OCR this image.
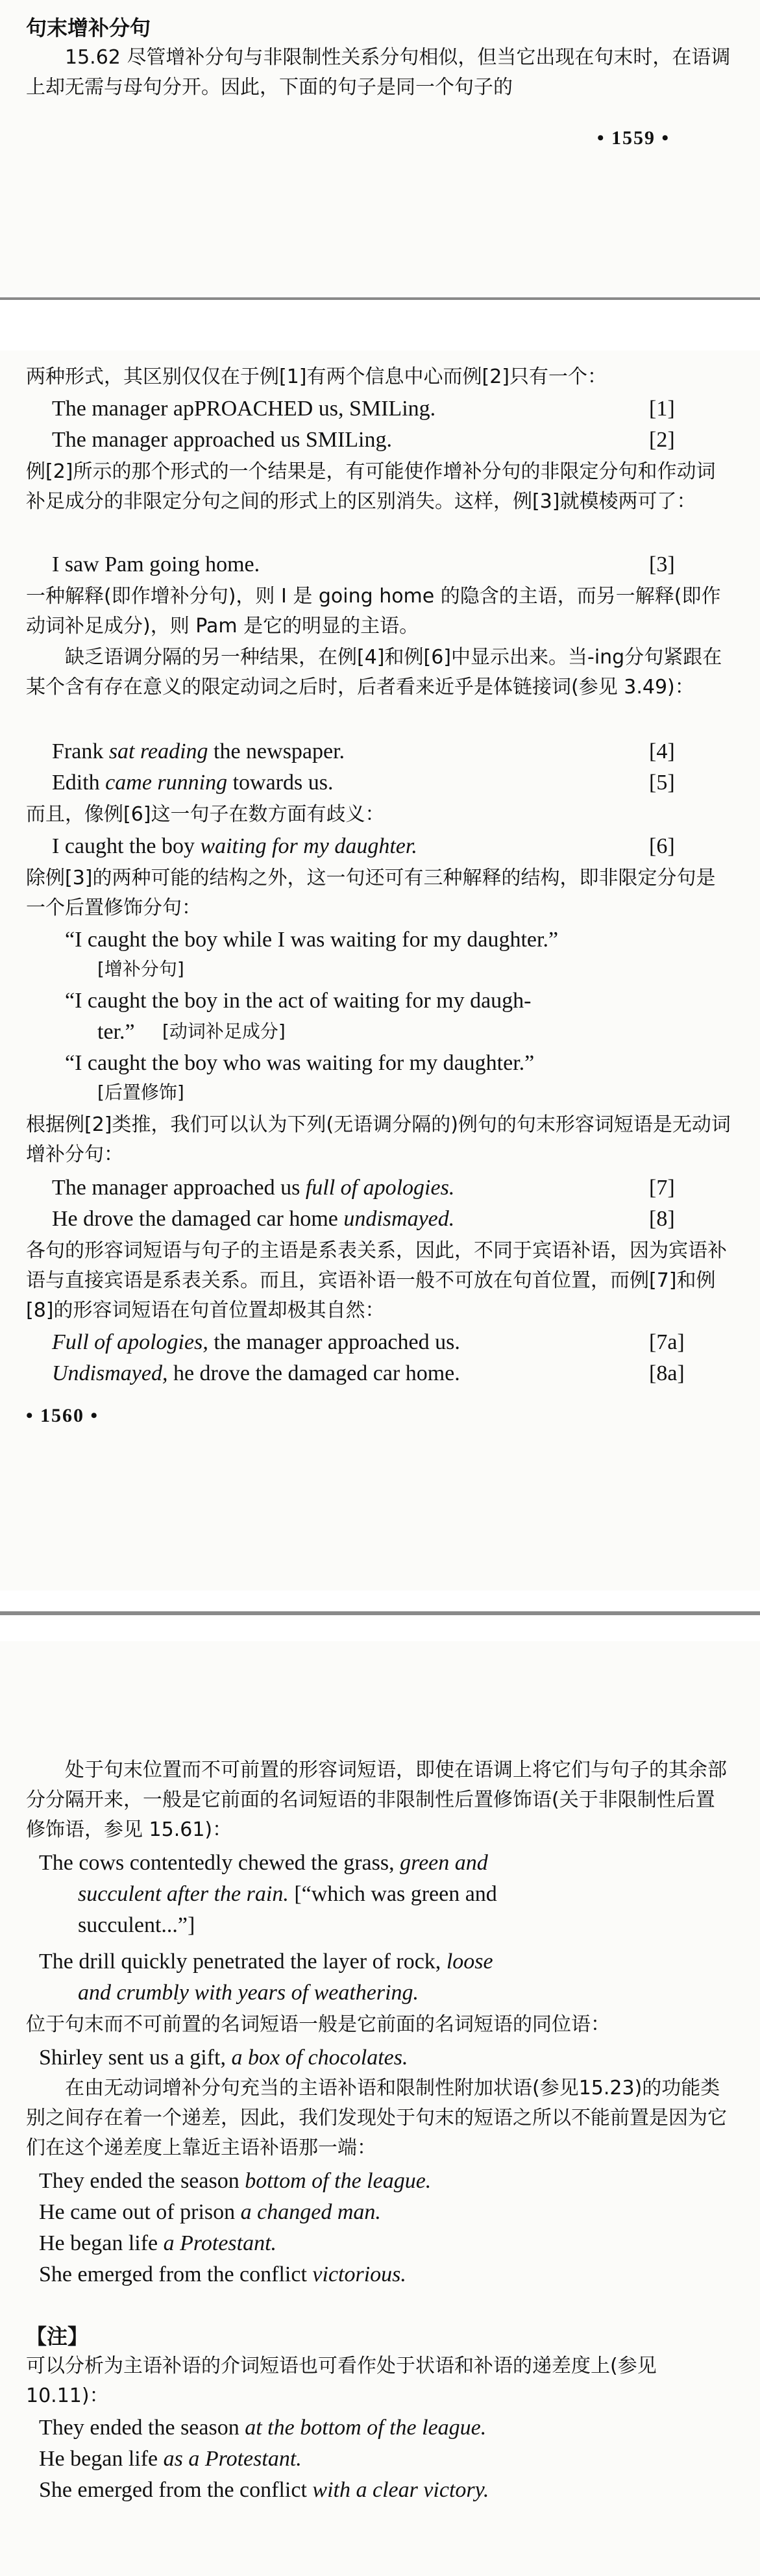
句末增补分句
15.62 尽管增补分句与非限制性关系分句相似，但当它出现在句末时，在语调上却无需与母句分开。因此，下面的句子是同一个句子的
• 1559 •
两种形式，其区别仅仅在于例[1]有两个信息中心而例[2]只有一个：
The manager apPROACHED us, SMILing.	[1]
The manager approached us SMILing.	[2]
例[2]所示的那个形式的一个结果是，有可能使作增补分句的非限定分句和作动词补足成分的非限定分句之间的形式上的区别消失。这样，例[3]就模棱两可了：
I saw Pam going home.	[3]
一种解释(即作增补分句)，则 I 是 going home 的隐含的主语，而另一解释(即作动词补足成分)，则 Pam 是它的明显的主语。
缺乏语调分隔的另一种结果，在例[4]和例[6]中显示出来。当-ing分句紧跟在某个含有存在意义的限定动词之后时，后者看来近乎是体链接词(参见 3.49)：
Frank sat reading the newspaper.	[4]
Edith came running towards us.	[5]
而且，像例[6]这一句子在数方面有歧义：
I caught the boy waiting for my daughter.	[6]
除例[3]的两种可能的结构之外，这一句还可有三种解释的结构，即非限定分句是一个后置修饰分句：
“I caught the boy while I was waiting for my daughter.”
[增补分句]
“I caught the boy in the act of waiting for my daugh-
ter.” [动词补足成分]
“I caught the boy who was waiting for my daughter.”
[后置修饰]
根据例[2]类推，我们可以认为下列(无语调分隔的)例句的句末形容词短语是无动词增补分句：
The manager approached us full of apologies.	[7]
He drove the damaged car home undismayed.	[8]
各句的形容词短语与句子的主语是系表关系，因此，不同于宾语补语，因为宾语补语与直接宾语是系表关系。而且，宾语补语一般不可放在句首位置，而例[7]和例[8]的形容词短语在句首位置却极其自然：
Full of apologies, the manager approached us.	[7a]
Undismayed, he drove the damaged car home.	[8a]
• 1560 •
处于句末位置而不可前置的形容词短语，即使在语调上将它们与句子的其余部分分隔开来，一般是它前面的名词短语的非限制性后置修饰语(关于非限制性后置修饰语，参见 15.61)：
The cows contentedly chewed the grass, green and
succulent after the rain. [“which was green and
succulent...”]
The drill quickly penetrated the layer of rock, loose
and crumbly with years of weathering.
位于句末而不可前置的名词短语一般是它前面的名词短语的同位语：
Shirley sent us a gift, a box of chocolates.
在由无动词增补分句充当的主语补语和限制性附加状语(参见15.23)的功能类别之间存在着一个递差，因此，我们发现处于句末的短语之所以不能前置是因为它们在这个递差度上靠近主语补语那一端：
They ended the season bottom of the league.
He came out of prison a changed man.
He began life a Protestant.
She emerged from the conflict victorious.
【注】
可以分析为主语补语的介词短语也可看作处于状语和补语的递差度上(参见 10.11)：
They ended the season at the bottom of the league.
He began life as a Protestant.
She emerged from the conflict with a clear victory.
